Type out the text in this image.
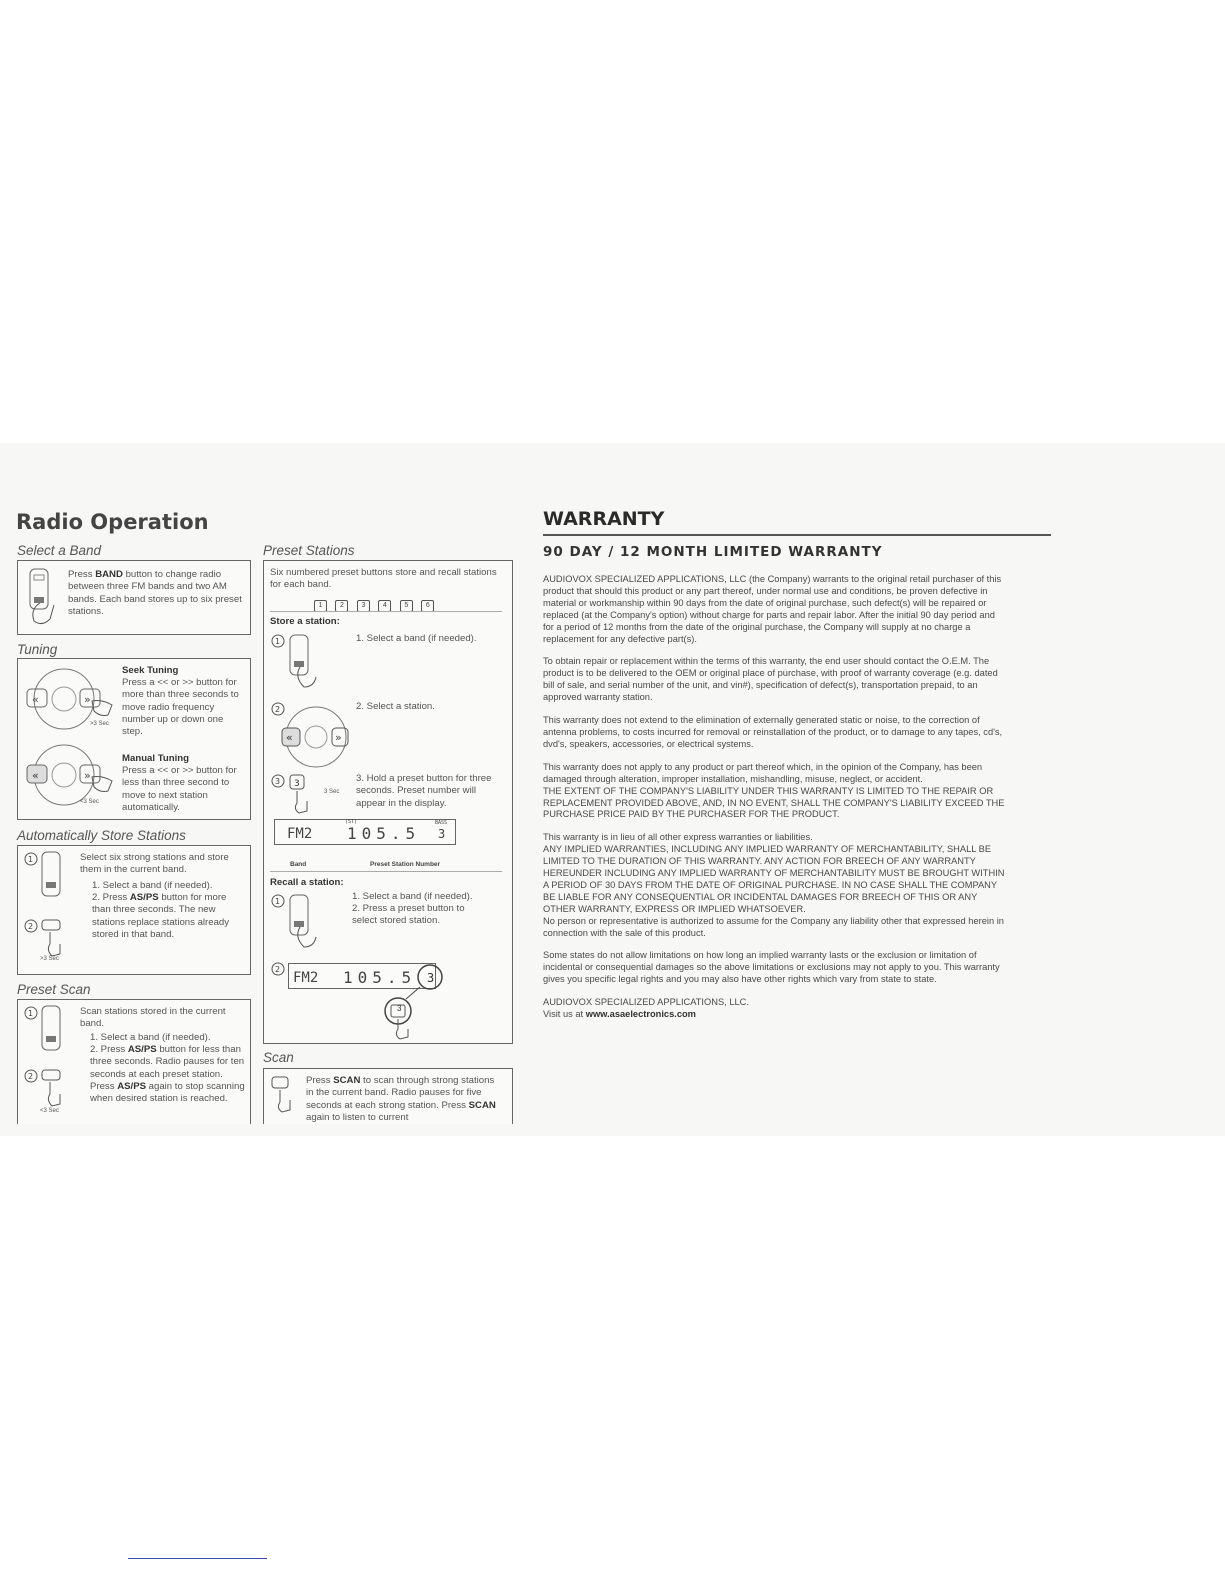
Radio Operation

Select a Band

Press BAND button to change radio between three FM bands and two AM bands. Each band stores up to six preset stations.

Tuning

«	»
>3 Sec
Seek Tuning
Press a << or >> button for more than three seconds to move radio frequency number up or down one step.
«	»
<3 Sec
Manual Tuning
Press a << or >> button for less than three second to move to next station automatically.

Automatically Store Stations

1
2
>3 Sec
Select six strong stations and store them in the current band.
1. Select a band (if needed).
2. Press AS/PS button for more than three seconds. The new stations replace stations already stored in that band.

Preset Scan

1
2
<3 Sec
Scan stations stored in the current band.
1. Select a band (if needed).
2. Press AS/PS button for less than three seconds. Radio pauses for ten seconds at each preset station. Press AS/PS again to stop scanning when desired station is reached.

Preset Stations

Six numbered preset buttons store and recall stations for each band.
1	2	3	4	5	6
Store a station:
1	1. Select a band (if needed).
2
«	»
2. Select a station.
3 3
3 Sec
3. Hold a preset button for three seconds. Preset number will appear in the display.
(ST)	BASS
FM2 105.5 3
Band	Preset Station Number
Recall a station:
1	1. Select a band (if needed).
2. Press a preset button to select stored station.
2
FM2 105.5 3
3

Scan

Press SCAN to scan through strong stations in the current band. Radio pauses for five seconds at each strong station. Press SCAN again to listen to current
WARRANTY
90 DAY / 12 MONTH LIMITED WARRANTY

AUDIOVOX SPECIALIZED APPLICATIONS, LLC (the Company) warrants to the original retail purchaser of this product that should this product or any part thereof, under normal use and conditions, be proven defective in material or workmanship within 90 days from the date of original purchase, such defect(s) will be repaired or replaced (at the Company's option) without charge for parts and repair labor. After the initial 90 day period and for a period of 12 months from the date of the original purchase, the Company will supply at no charge a replacement for any defective part(s).

To obtain repair or replacement within the terms of this warranty, the end user should contact the O.E.M. The product is to be delivered to the OEM or original place of purchase, with proof of warranty coverage (e.g. dated bill of sale, and serial number of the unit, and vin#), specification of defect(s), transportation prepaid, to an approved warranty station.

This warranty does not extend to the elimination of externally generated static or noise, to the correction of antenna problems, to costs incurred for removal or reinstallation of the product, or to damage to any tapes, cd's, dvd's, speakers, accessories, or electrical systems.

This warranty does not apply to any product or part thereof which, in the opinion of the Company, has been damaged through alteration, improper installation, mishandling, misuse, neglect, or accident.

THE EXTENT OF THE COMPANY'S LIABILITY UNDER THIS WARRANTY IS LIMITED TO THE REPAIR OR REPLACEMENT PROVIDED ABOVE, AND, IN NO EVENT, SHALL THE COMPANY'S LIABILITY EXCEED THE PURCHASE PRICE PAID BY THE PURCHASER FOR THE PRODUCT.

This warranty is in lieu of all other express warranties or liabilities.

ANY IMPLIED WARRANTIES, INCLUDING ANY IMPLIED WARRANTY OF MERCHANTABILITY, SHALL BE LIMITED TO THE DURATION OF THIS WARRANTY. ANY ACTION FOR BREECH OF ANY WARRANTY HEREUNDER INCLUDING ANY IMPLIED WARRANTY OF MERCHANTABILITY MUST BE BROUGHT WITHIN A PERIOD OF 30 DAYS FROM THE DATE OF ORIGINAL PURCHASE. IN NO CASE SHALL THE COMPANY BE LIABLE FOR ANY CONSEQUENTIAL OR INCIDENTAL DAMAGES FOR BREECH OF THIS OR ANY OTHER WARRANTY, EXPRESS OR IMPLIED WHATSOEVER.

No person or representative is authorized to assume for the Company any liability other that expressed herein in connection with the sale of this product.

Some states do not allow limitations on how long an implied warranty lasts or the exclusion or limitation of incidental or consequential damages so the above limitations or exclusions may not apply to you. This warranty gives you specific legal rights and you may also have other rights which vary from state to state.

AUDIOVOX SPECIALIZED APPLICATIONS, LLC.

Visit us at www.asaelectronics.com
